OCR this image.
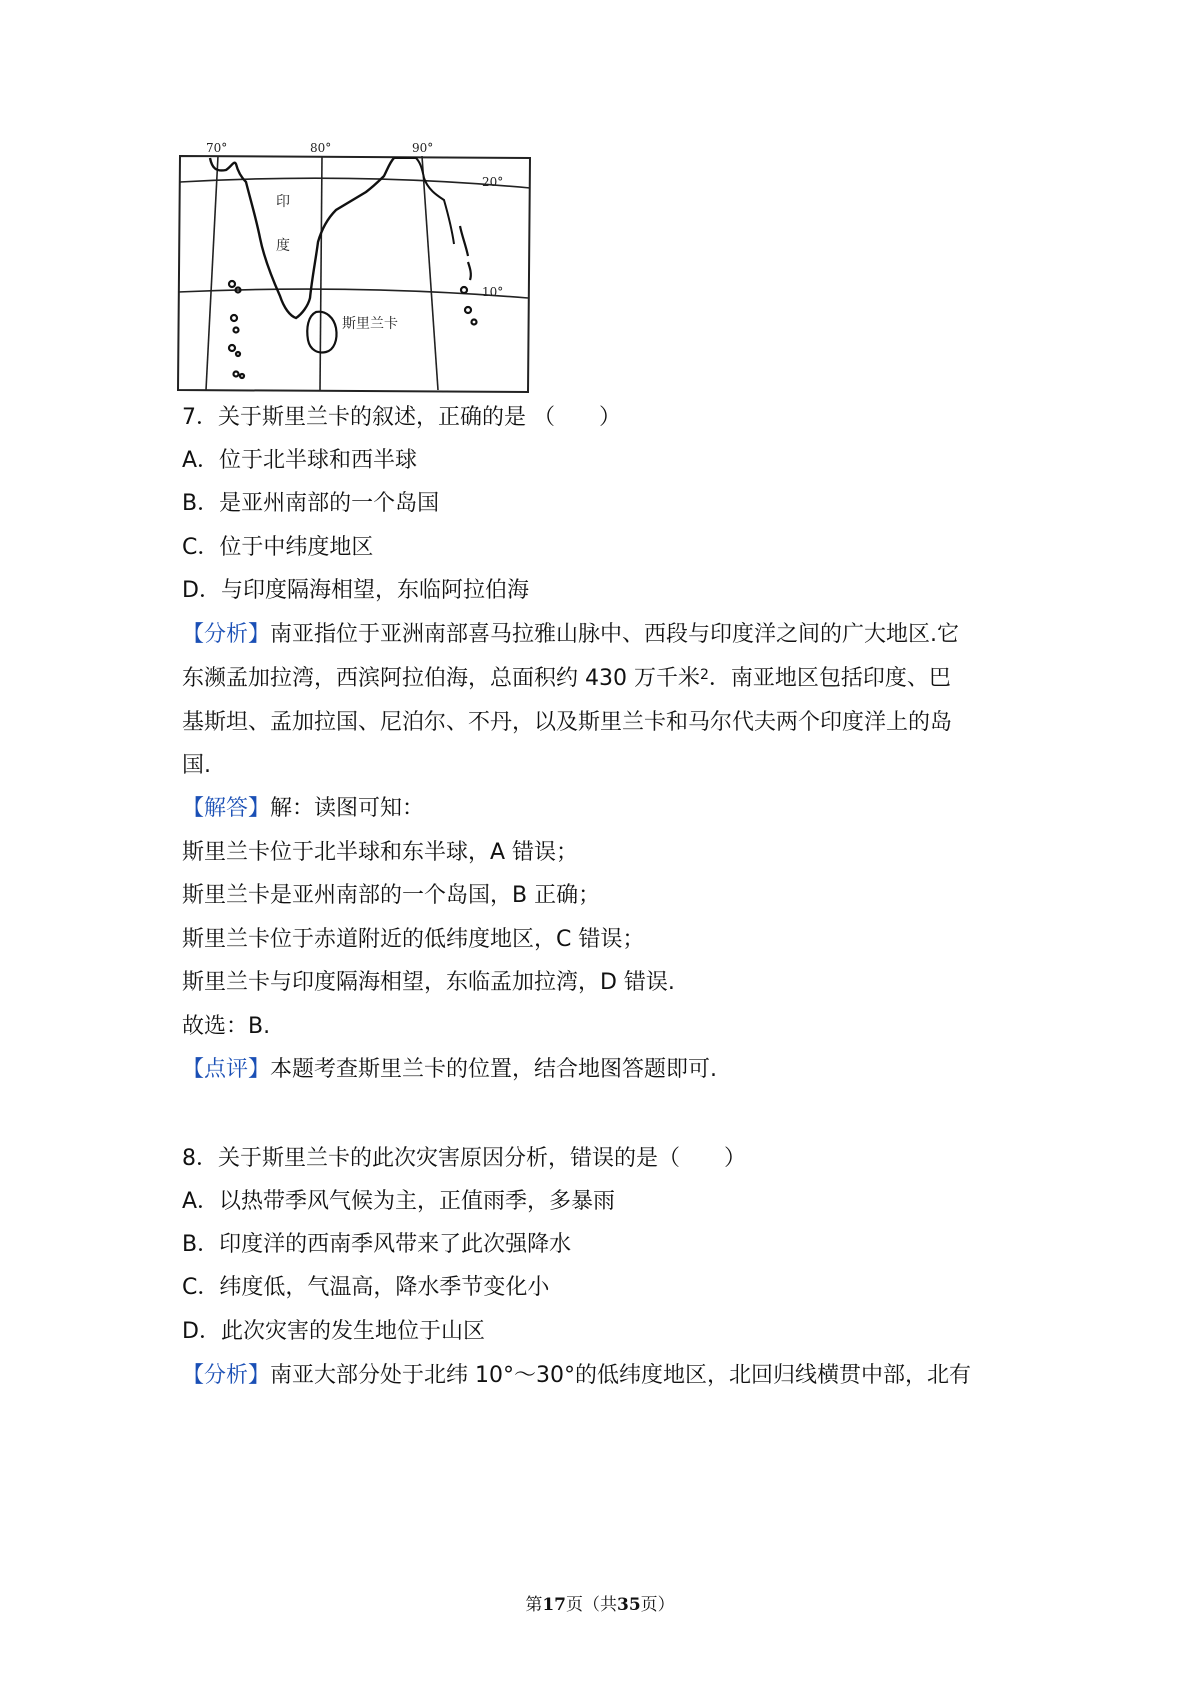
70°	80°	90°
20°
10°
印
度
斯里兰卡
7．关于斯里兰卡的叙述，正确的是 （　　）
A．位于北半球和西半球
B．是亚州南部的一个岛国
C．位于中纬度地区
D．与印度隔海相望，东临阿拉伯海
【分析】南亚指位于亚洲南部喜马拉雅山脉中、西段与印度洋之间的广大地区.它
东濒孟加拉湾，西滨阿拉伯海，总面积约 430 万千米$^2$．南亚地区包括印度、巴
基斯坦、孟加拉国、尼泊尔、不丹，以及斯里兰卡和马尔代夫两个印度洋上的岛
国.
【解答】解：读图可知：
斯里兰卡位于北半球和东半球，A 错误；
斯里兰卡是亚州南部的一个岛国，B 正确；
斯里兰卡位于赤道附近的低纬度地区，C 错误；
斯里兰卡与印度隔海相望，东临孟加拉湾，D 错误.
故选：B.
【点评】本题考查斯里兰卡的位置，结合地图答题即可.
8．关于斯里兰卡的此次灾害原因分析，错误的是（　　）
A．以热带季风气候为主，正值雨季，多暴雨
B．印度洋的西南季风带来了此次强降水
C．纬度低，气温高，降水季节变化小
D．此次灾害的发生地位于山区
【分析】南亚大部分处于北纬 10°～30°的低纬度地区，北回归线横贯中部，北有
第17页（共35页）
